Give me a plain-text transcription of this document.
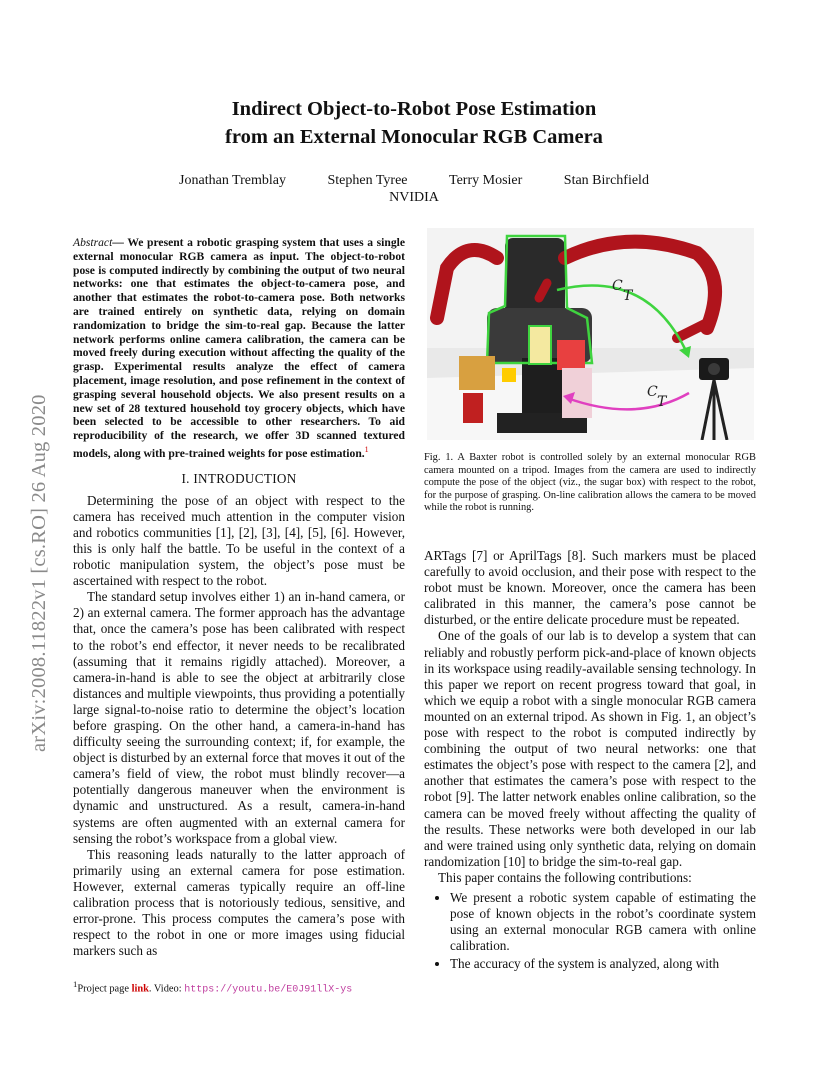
arXiv:2008.11822v1 [cs.RO] 26 Aug 2020
Indirect Object-to-Robot Pose Estimation
from an External Monocular RGB Camera
Jonathan Tremblay	Stephen Tyree	Terry Mosier	Stan Birchfield
NVIDIA

Abstract— We present a robotic grasping system that uses a single external monocular RGB camera as input. The object-to-robot pose is computed indirectly by combining the output of two neural networks: one that estimates the object-to-camera pose, and another that estimates the robot-to-camera pose. Both networks are trained entirely on synthetic data, relying on domain randomization to bridge the sim-to-real gap. Because the latter network performs online camera calibration, the camera can be moved freely during execution without affecting the quality of the grasp. Experimental results analyze the effect of camera placement, image resolution, and pose refinement in the context of grasping several household objects. We also present results on a new set of 28 textured household toy grocery objects, which have been selected to be accessible to other researchers. To aid reproducibility of the research, we offer 3D scanned textured models, along with pre-trained weights for pose estimation.$^1$

I. INTRODUCTION

Determining the pose of an object with respect to the camera has received much attention in the computer vision and robotics communities [1], [2], [3], [4], [5], [6]. However, this is only half the battle. To be useful in the context of a robotic manipulation system, the object’s pose must be ascertained with respect to the robot.

The standard setup involves either 1) an in-hand camera, or 2) an external camera. The former approach has the advantage that, once the camera’s pose has been calibrated with respect to the robot’s end effector, it never needs to be recalibrated (assuming that it remains rigidly attached). Moreover, a camera-in-hand is able to see the object at arbitrarily close distances and multiple viewpoints, thus providing a potentially large signal-to-noise ratio to determine the object’s location before grasping. On the other hand, a camera-in-hand has difficulty seeing the surrounding context; if, for example, the object is disturbed by an external force that moves it out of the camera’s field of view, the robot must blindly recover—a potentially dangerous maneuver when the environment is dynamic and unstructured. As a result, camera-in-hand systems are often augmented with an external camera for sensing the robot’s workspace from a global view.

This reasoning leads naturally to the latter approach of primarily using an external camera for pose estimation. However, external cameras typically require an off-line calibration process that is notoriously tedious, sensitive, and error-prone. This process computes the camera’s pose with respect to the robot in one or more images using fiducial markers such as

$^1$Project page link. Video: https://youtu.be/E0J91llX-ys
C
T
C
T
Fig. 1. A Baxter robot is controlled solely by an external monocular RGB camera mounted on a tripod. Images from the camera are used to indirectly compute the pose of the object (viz., the sugar box) with respect to the robot, for the purpose of grasping. On-line calibration allows the camera to be moved while the robot is running.

ARTags [7] or AprilTags [8]. Such markers must be placed carefully to avoid occlusion, and their pose with respect to the robot must be known. Moreover, once the camera has been calibrated in this manner, the camera’s pose cannot be disturbed, or the entire delicate procedure must be repeated.

One of the goals of our lab is to develop a system that can reliably and robustly perform pick-and-place of known objects in its workspace using readily-available sensing technology. In this paper we report on recent progress toward that goal, in which we equip a robot with a single monocular RGB camera mounted on an external tripod. As shown in Fig. 1, an object’s pose with respect to the robot is computed indirectly by combining the output of two neural networks: one that estimates the object’s pose with respect to the camera [2], and another that estimates the camera’s pose with respect to the robot [9]. The latter network enables online calibration, so the camera can be moved freely without affecting the quality of the results. These networks were both developed in our lab and were trained using only synthetic data, relying on domain randomization [10] to bridge the sim-to-real gap.

This paper contains the following contributions:

• We present a robotic system capable of estimating the pose of known objects in the robot’s coordinate system using an external monocular RGB camera with online calibration.
• The accuracy of the system is analyzed, along with
